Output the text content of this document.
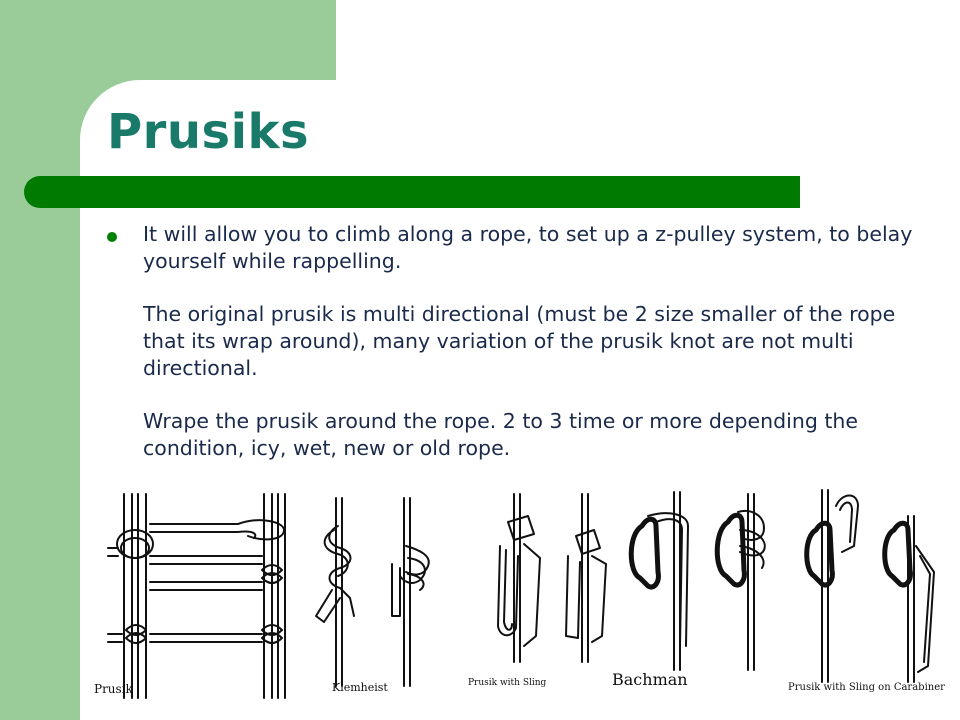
Prusiks

It will allow you to climb along a rope, to set up a z-pulley system, to belay yourself while rappelling.

The original prusik is multi directional (must be 2 size smaller of the rope that its wrap around), many variation of the prusik knot are not multi directional.

Wrape the prusik around the rope. 2 to 3 time or more depending the condition, icy, wet, new or old rope.

Prusik	Klemheist	Prusik with Sling	Bachman	Prusik with Sling on Carabiner
